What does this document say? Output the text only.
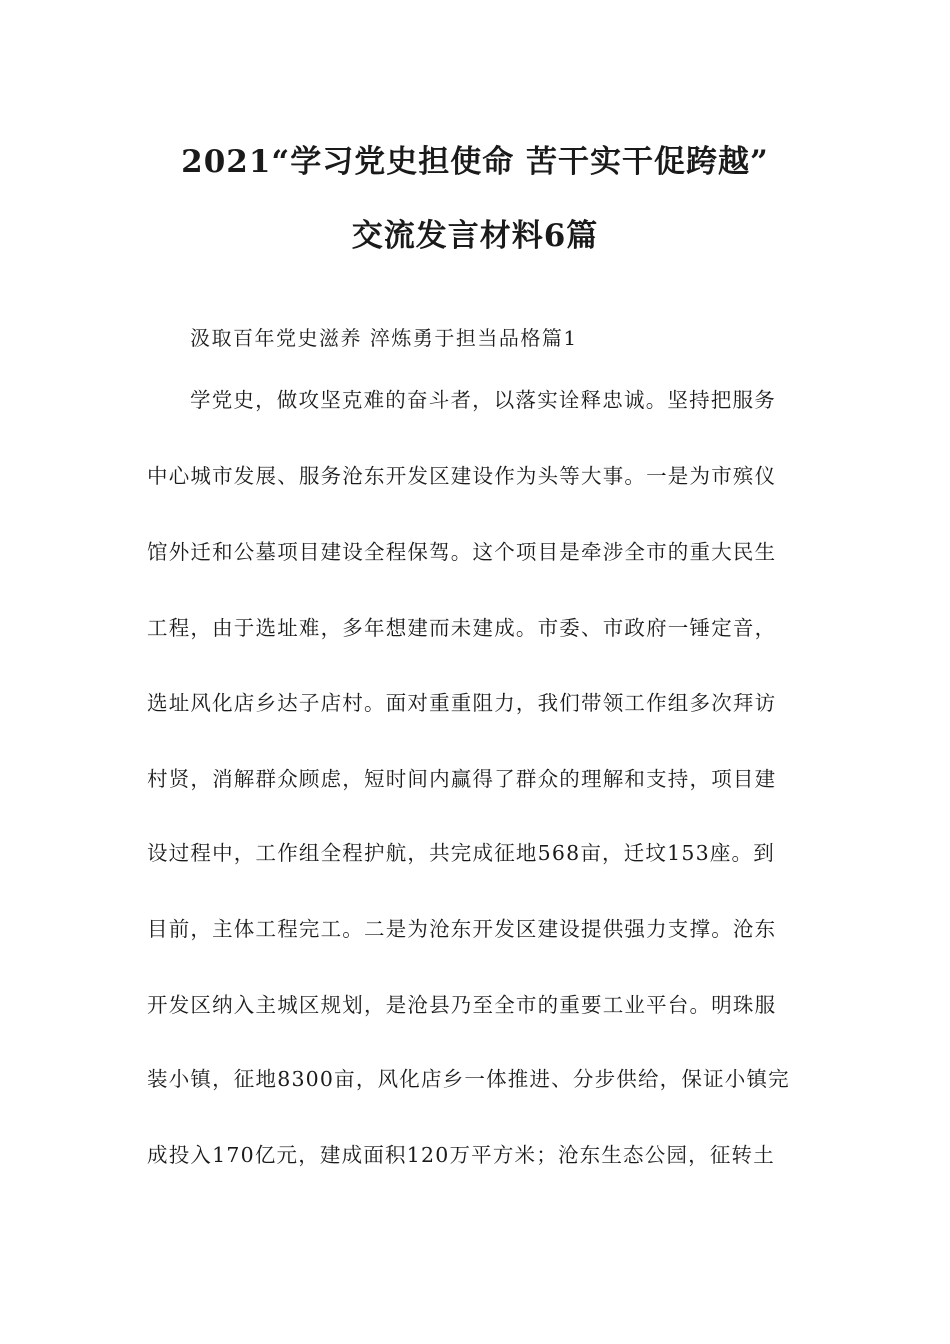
2021“学习党史担使命 苦干实干促跨越”
交流发言材料6篇
汲取百年党史滋养 淬炼勇于担当品格篇1
学党史，做攻坚克难的奋斗者，以落实诠释忠诚。坚持把服务
中心城市发展、服务沧东开发区建设作为头等大事。一是为市殡仪
馆外迁和公墓项目建设全程保驾。这个项目是牵涉全市的重大民生
工程，由于选址难，多年想建而未建成。市委、市政府一锤定音，
选址风化店乡达子店村。面对重重阻力，我们带领工作组多次拜访
村贤，消解群众顾虑，短时间内赢得了群众的理解和支持，项目建
设过程中，工作组全程护航，共完成征地568亩，迁坟153座。到
目前，主体工程完工。二是为沧东开发区建设提供强力支撑。沧东
开发区纳入主城区规划，是沧县乃至全市的重要工业平台。明珠服
装小镇，征地8300亩，风化店乡一体推进、分步供给，保证小镇完
成投入170亿元，建成面积120万平方米；沧东生态公园，征转土
